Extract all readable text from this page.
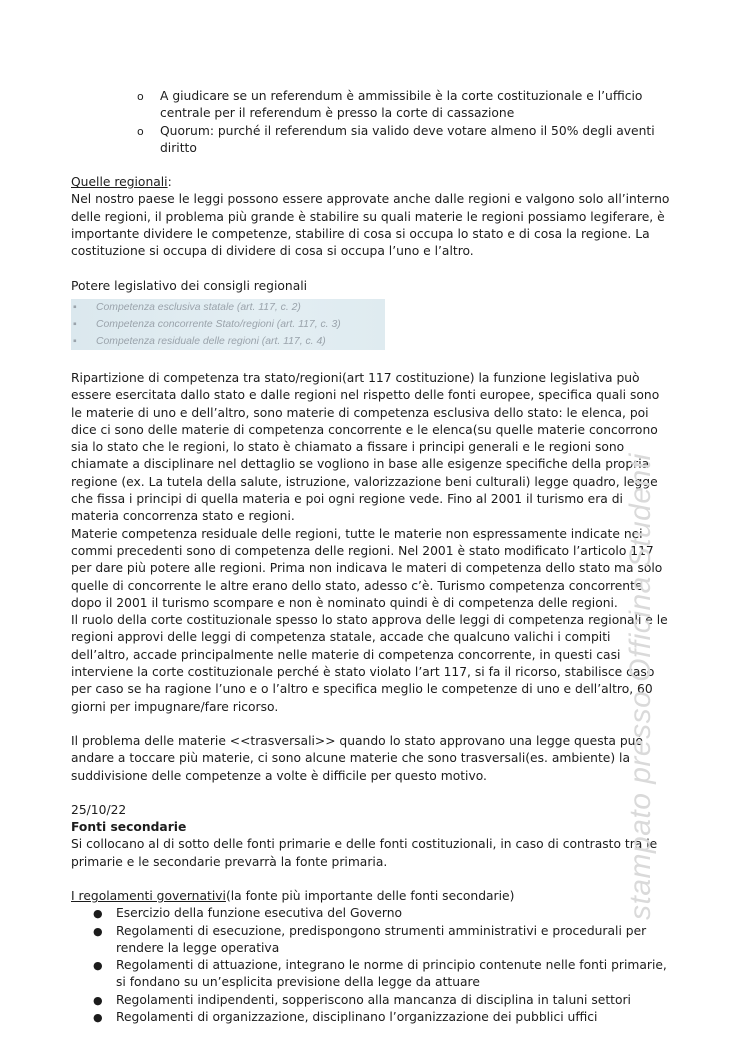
o A giudicare se un referendum è ammissibile è la corte costituzionale e l’ufficio centrale per il referendum è presso la corte di cassazione
o Quorum: purché il referendum sia valido deve votare almeno il 50% degli aventi diritto

Quelle regionali:

Nel nostro paese le leggi possono essere approvate anche dalle regioni e valgono solo all’interno delle regioni, il problema più grande è stabilire su quali materie le regioni possiamo legiferare, è importante dividere le competenze, stabilire di cosa si occupa lo stato e di cosa la regione. La costituzione si occupa di dividere di cosa si occupa l’uno e l’altro.

Potere legislativo dei consigli regionali

▪ Competenza esclusiva statale (art. 117, c. 2)
▪ Competenza concorrente Stato/regioni (art. 117, c. 3)
▪ Competenza residuale delle regioni (art. 117, c. 4)

Ripartizione di competenza tra stato/regioni(art 117 costituzione) la funzione legislativa può essere esercitata dallo stato e dalle regioni nel rispetto delle fonti europee, specifica quali sono le materie di uno e dell’altro, sono materie di competenza esclusiva dello stato: le elenca, poi dice ci sono delle materie di competenza concorrente e le elenca(su quelle materie concorrono sia lo stato che le regioni, lo stato è chiamato a fissare i principi generali e le regioni sono chiamate a disciplinare nel dettaglio se vogliono in base alle esigenze specifiche della propria regione (ex. La tutela della salute, istruzione, valorizzazione beni culturali) legge quadro, legge che fissa i principi di quella materia e poi ogni regione vede. Fino al 2001 il turismo era di materia concorrenza stato e regioni.

Materie competenza residuale delle regioni, tutte le materie non espressamente indicate nei commi precedenti sono di competenza delle regioni. Nel 2001 è stato modificato l’articolo 117 per dare più potere alle regioni. Prima non indicava le materi di competenza dello stato ma solo quelle di concorrente le altre erano dello stato, adesso c’è. Turismo competenza concorrente dopo il 2001 il turismo scompare e non è nominato quindi è di competenza delle regioni.

Il ruolo della corte costituzionale spesso lo stato approva delle leggi di competenza regionali e le regioni approvi delle leggi di competenza statale, accade che qualcuno valichi i compiti dell’altro, accade principalmente nelle materie di competenza concorrente, in questi casi interviene la corte costituzionale perché è stato violato l’art 117, si fa il ricorso, stabilisce caso per caso se ha ragione l’uno e o l’altro e specifica meglio le competenze di uno e dell’altro, 60 giorni per impugnare/fare ricorso.

Il problema delle materie <<trasversali>> quando lo stato approvano una legge questa può andare a toccare più materie, ci sono alcune materie che sono trasversali(es. ambiente) la suddivisione delle competenze a volte è difficile per questo motivo.

25/10/22

Fonti secondarie

Si collocano al di sotto delle fonti primarie e delle fonti costituzionali, in caso di contrasto tra le primarie e le secondarie prevarrà la fonte primaria.

I regolamenti governativi(la fonte più importante delle fonti secondarie)

● Esercizio della funzione esecutiva del Governo
● Regolamenti di esecuzione, predispongono strumenti amministrativi e procedurali per rendere la legge operativa
● Regolamenti di attuazione, integrano le norme di principio contenute nelle fonti primarie, si fondano su un’esplicita previsione della legge da attuare
● Regolamenti indipendenti, sopperiscono alla mancanza di disciplina in taluni settori
● Regolamenti di organizzazione, disciplinano l’organizzazione dei pubblici uffici
stampato presso Officina Studenti
